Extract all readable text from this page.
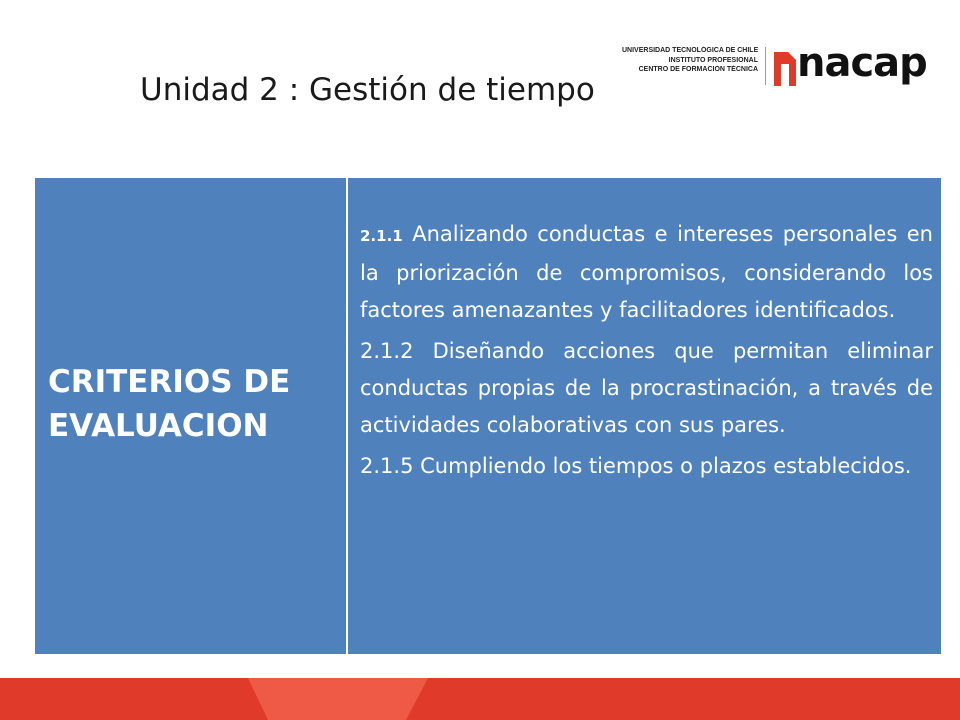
Unidad 2 : Gestión de tiempo
UNIVERSIDAD TECNOLÓGICA DE CHILE
INSTITUTO PROFESIONAL
CENTRO DE FORMACIÓN TÉCNICA nacap
CRITERIOS DE EVALUACION

2.1.1 Analizando conductas e intereses personales en la priorización de compromisos, considerando los factores amenazantes y facilitadores identificados.

2.1.2 Diseñando acciones que permitan eliminar conductas propias de la procrastinación, a través de actividades colaborativas con sus pares.

2.1.5 Cumpliendo los tiempos o plazos establecidos.
